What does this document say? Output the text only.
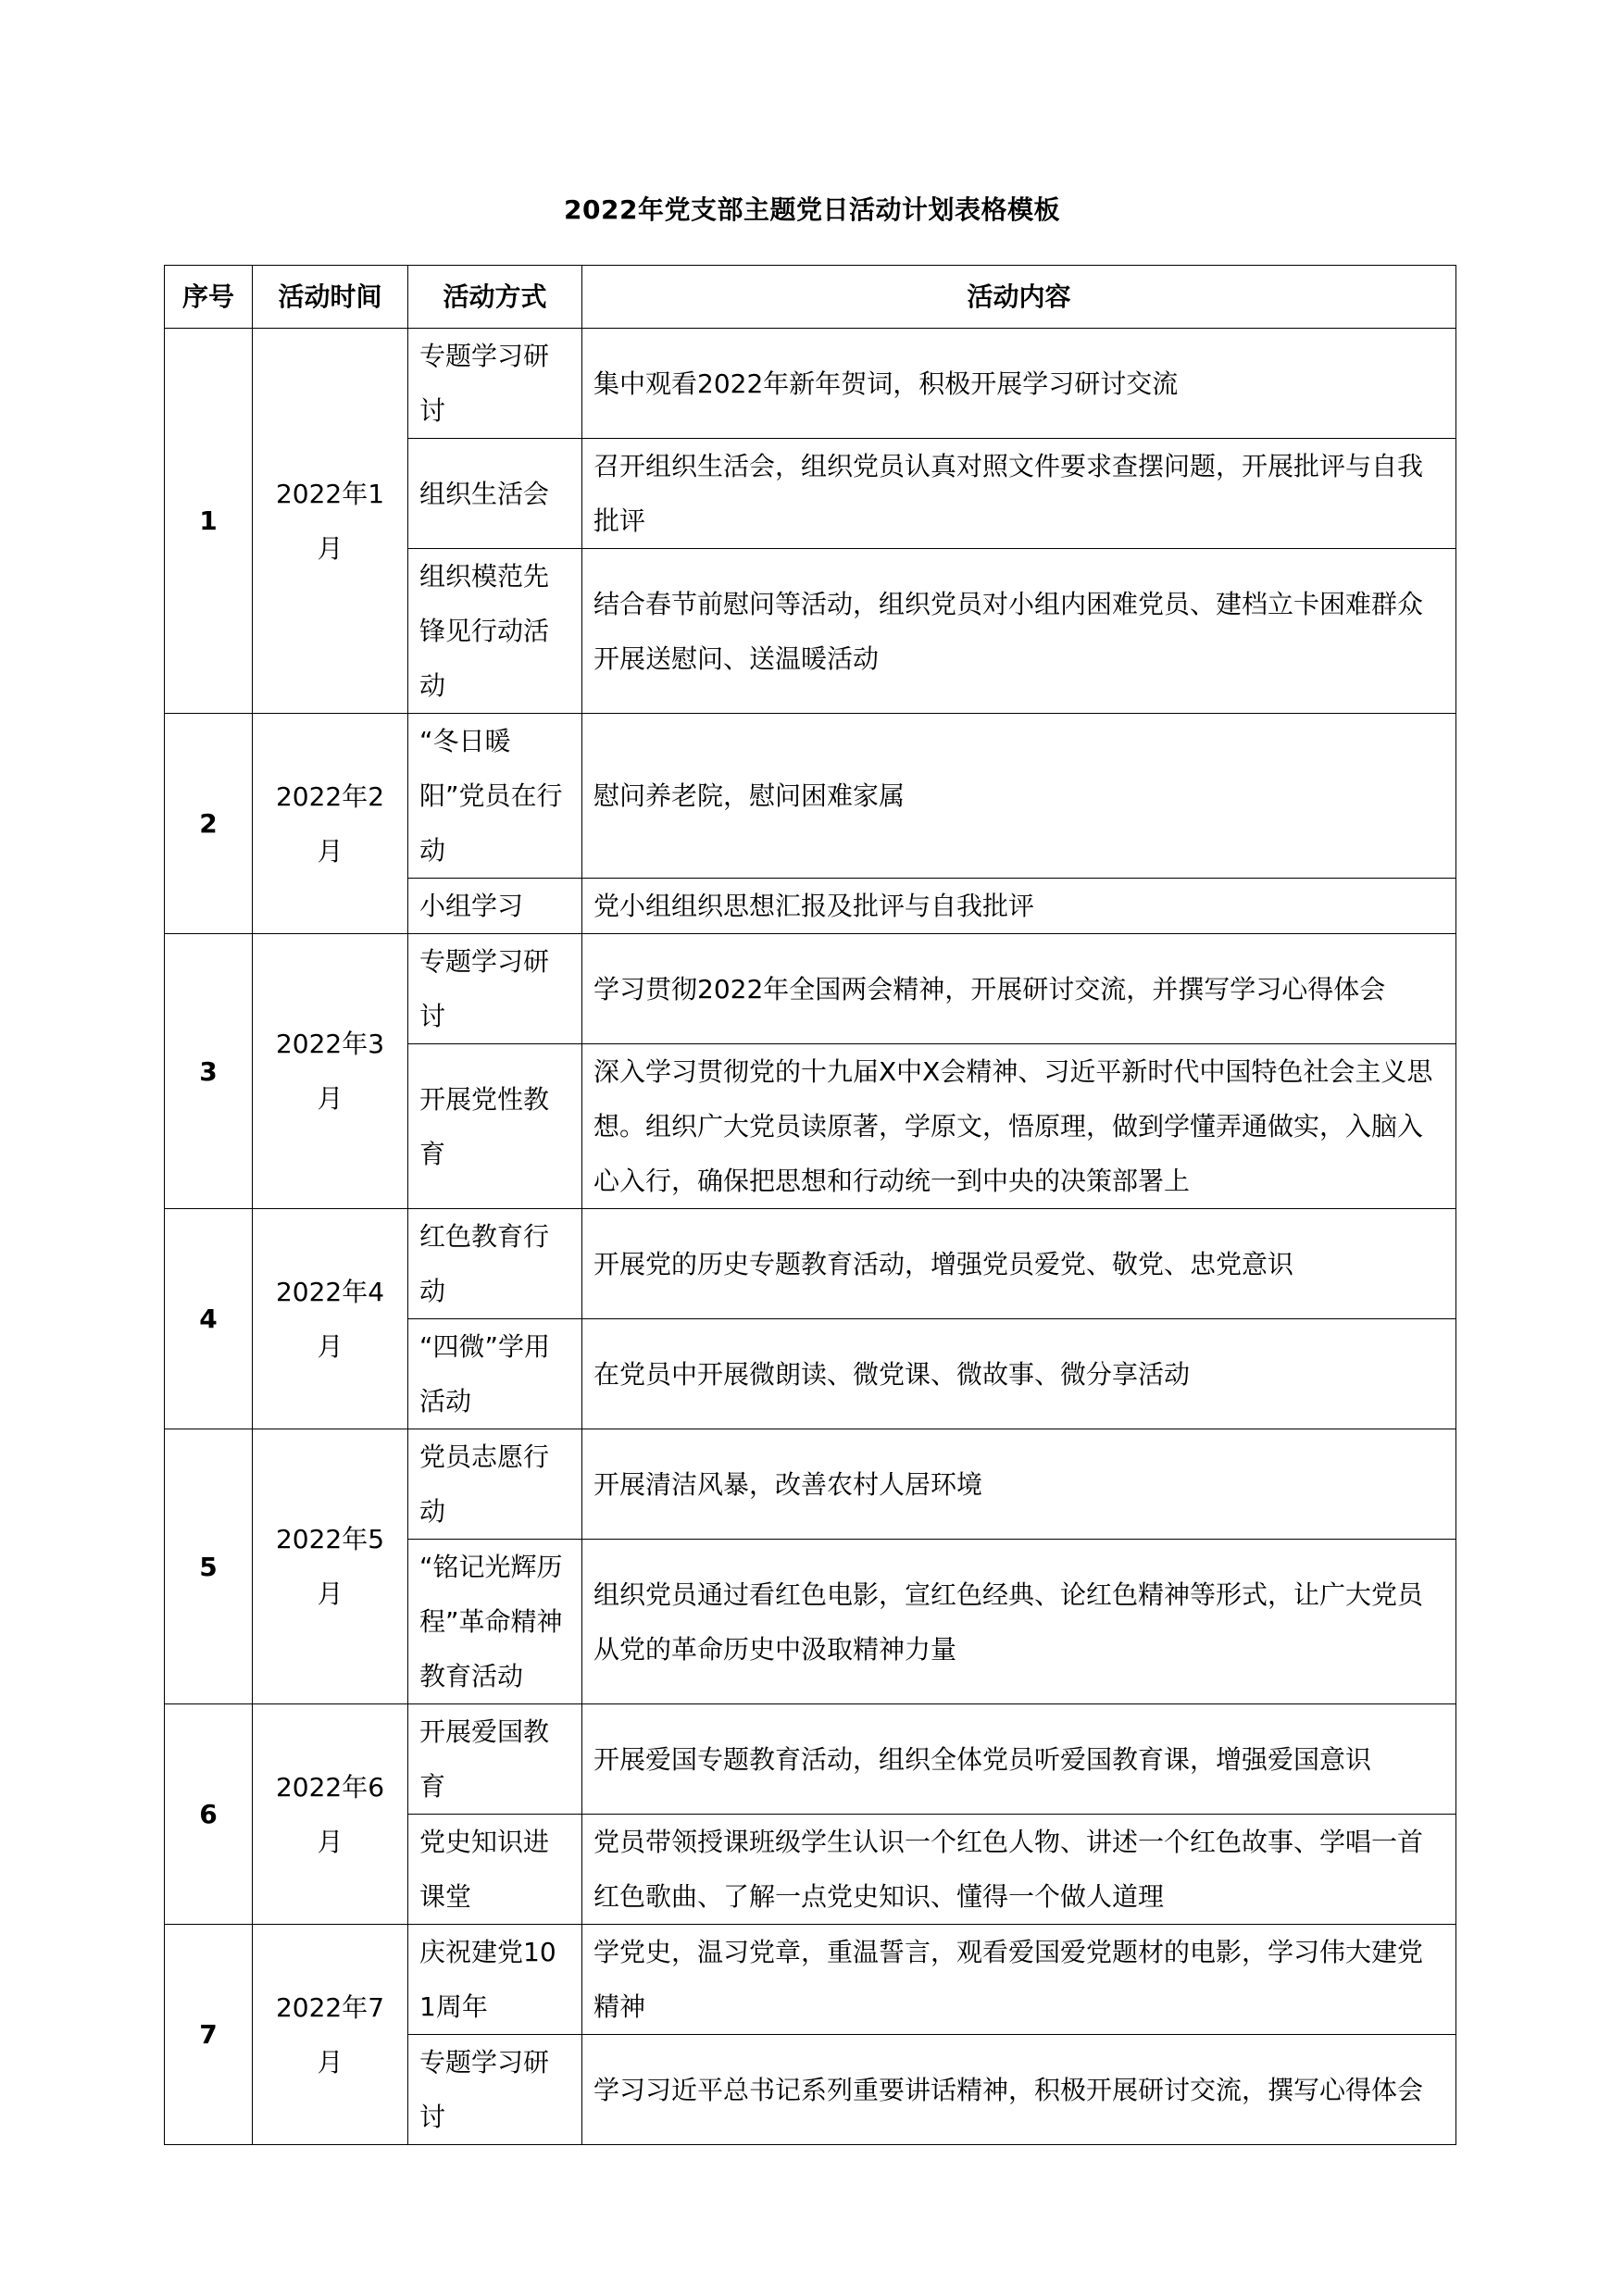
2022年党支部主题党日活动计划表格模板
序号	活动时间	活动方式	活动内容
1	2022年1月	专题学习研讨	集中观看2022年新年贺词，积极开展学习研讨交流
		组织生活会	召开组织生活会，组织党员认真对照文件要求查摆问题，开展批评与自我批评
		组织模范先锋见行动活动	结合春节前慰问等活动，组织党员对小组内困难党员、建档立卡困难群众开展送慰问、送温暖活动
2	2022年2月	“冬日暖阳”党员在行动	慰问养老院，慰问困难家属
		小组学习	党小组组织思想汇报及批评与自我批评
3	2022年3月	专题学习研讨	学习贯彻2022年全国两会精神，开展研讨交流，并撰写学习心得体会
		开展党性教育	深入学习贯彻党的十九届X中X会精神、习近平新时代中国特色社会主义思想。组织广大党员读原著，学原文，悟原理，做到学懂弄通做实，入脑入心入行，确保把思想和行动统一到中央的决策部署上
4	2022年4月	红色教育行动	开展党的历史专题教育活动，增强党员爱党、敬党、忠党意识
		“四微”学用活动	在党员中开展微朗读、微党课、微故事、微分享活动
5	2022年5月	党员志愿行动	开展清洁风暴，改善农村人居环境
		“铭记光辉历程”革命精神教育活动	组织党员通过看红色电影，宣红色经典、论红色精神等形式，让广大党员从党的革命历史中汲取精神力量
6	2022年6月	开展爱国教育	开展爱国专题教育活动，组织全体党员听爱国教育课，增强爱国意识
		党史知识进课堂	党员带领授课班级学生认识一个红色人物、讲述一个红色故事、学唱一首红色歌曲、了解一点党史知识、懂得一个做人道理
7	2022年7月	庆祝建党101周年	学党史，温习党章，重温誓言，观看爱国爱党题材的电影，学习伟大建党精神
		专题学习研讨	学习习近平总书记系列重要讲话精神，积极开展研讨交流，撰写心得体会
